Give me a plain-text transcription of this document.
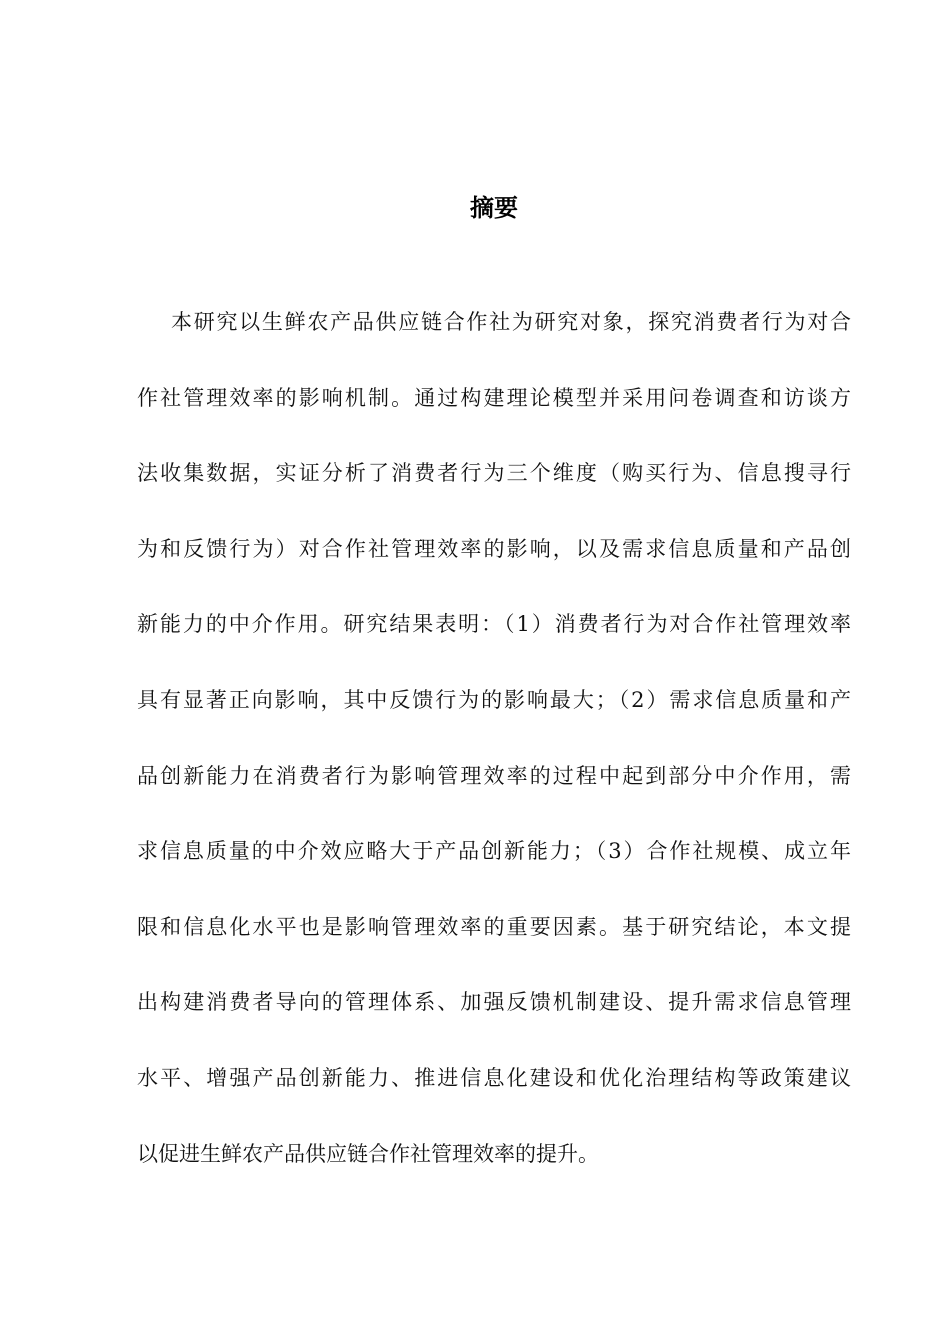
摘要
本研究以生鲜农产品供应链合作社为研究对象，探究消费者行为对合
作社管理效率的影响机制。通过构建理论模型并采用问卷调查和访谈方
法收集数据，实证分析了消费者行为三个维度（购买行为、信息搜寻行
为和反馈行为）对合作社管理效率的影响，以及需求信息质量和产品创
新能力的中介作用。研究结果表明：（1）消费者行为对合作社管理效率
具有显著正向影响，其中反馈行为的影响最大；（2）需求信息质量和产
品创新能力在消费者行为影响管理效率的过程中起到部分中介作用，需
求信息质量的中介效应略大于产品创新能力；（3）合作社规模、成立年
限和信息化水平也是影响管理效率的重要因素。基于研究结论，本文提
出构建消费者导向的管理体系、加强反馈机制建设、提升需求信息管理
水平、增强产品创新能力、推进信息化建设和优化治理结构等政策建议
以促进生鲜农产品供应链合作社管理效率的提升。
